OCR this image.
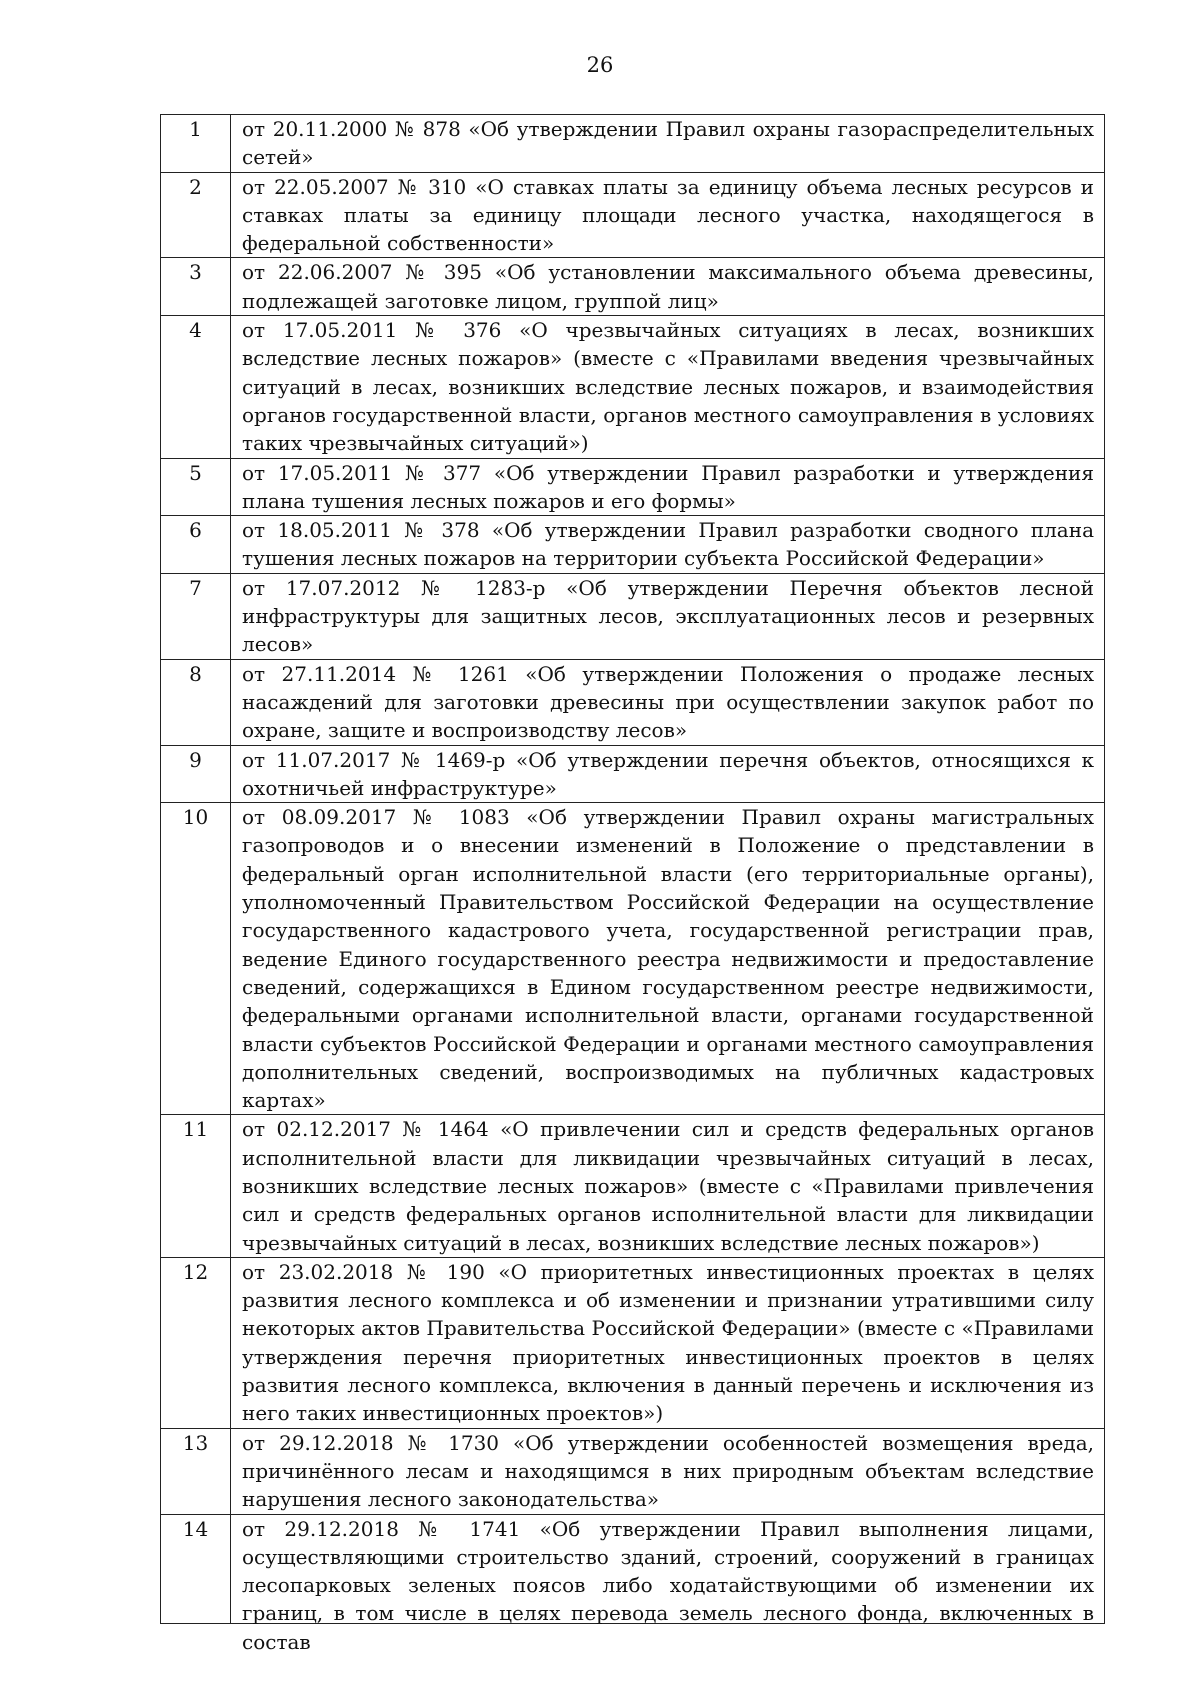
26
1	от 20.11.2000 № 878 «Об утверждении Правил охраны газораспределительных сетей»
2	от 22.05.2007 № 310 «О ставках платы за единицу объема лесных ресурсов и ставках платы за единицу площади лесного участка, находящегося в федеральной собственности»
3	от 22.06.2007 № 395 «Об установлении максимального объема древесины, подлежащей заготовке лицом, группой лиц»
4	от 17.05.2011 № 376 «О чрезвычайных ситуациях в лесах, возникших вследствие лесных пожаров» (вместе с «Правилами введения чрезвычайных ситуаций в лесах, возникших вследствие лесных пожаров, и взаимодействия органов государственной власти, органов местного самоуправления в условиях таких чрезвычайных ситуаций»)
5	от 17.05.2011 № 377 «Об утверждении Правил разработки и утверждения плана тушения лесных пожаров и его формы»
6	от 18.05.2011 № 378 «Об утверждении Правил разработки сводного плана тушения лесных пожаров на территории субъекта Российской Федерации»
7	от 17.07.2012 № 1283-р «Об утверждении Перечня объектов лесной инфраструктуры для защитных лесов, эксплуатационных лесов и резервных лесов»
8	от 27.11.2014 № 1261 «Об утверждении Положения о продаже лесных насаждений для заготовки древесины при осуществлении закупок работ по охране, защите и воспроизводству лесов»
9	от 11.07.2017 № 1469-р «Об утверждении перечня объектов, относящихся к охотничьей инфраструктуре»
10	от 08.09.2017 № 1083 «Об утверждении Правил охраны магистральных газопроводов и о внесении изменений в Положение о представлении в федеральный орган исполнительной власти (его территориальные органы), уполномоченный Правительством Российской Федерации на осуществление государственного кадастрового учета, государственной регистрации прав, ведение Единого государственного реестра недвижимости и предоставление сведений, содержащихся в Едином государственном реестре недвижимости, федеральными органами исполнительной власти, органами государственной власти субъектов Российской Федерации и органами местного самоуправления дополнительных сведений, воспроизводимых на публичных кадастровых картах»
11	от 02.12.2017 № 1464 «О привлечении сил и средств федеральных органов исполнительной власти для ликвидации чрезвычайных ситуаций в лесах, возникших вследствие лесных пожаров» (вместе с «Правилами привлечения сил и средств федеральных органов исполнительной власти для ликвидации чрезвычайных ситуаций в лесах, возникших вследствие лесных пожаров»)
12	от 23.02.2018 № 190 «О приоритетных инвестиционных проектах в целях развития лесного комплекса и об изменении и признании утратившими силу некоторых актов Правительства Российской Федерации» (вместе с «Правилами утверждения перечня приоритетных инвестиционных проектов в целях развития лесного комплекса, включения в данный перечень и исключения из него таких инвестиционных проектов»)
13	от 29.12.2018 № 1730 «Об утверждении особенностей возмещения вреда, причинённого лесам и находящимся в них природным объектам вследствие нарушения лесного законодательства»
14	от 29.12.2018 № 1741 «Об утверждении Правил выполнения лицами, осуществляющими строительство зданий, строений, сооружений в границах лесопарковых зеленых поясов либо ходатайствующими об изменении их границ, в том числе в целях перевода земель лесного фонда, включенных в состав
